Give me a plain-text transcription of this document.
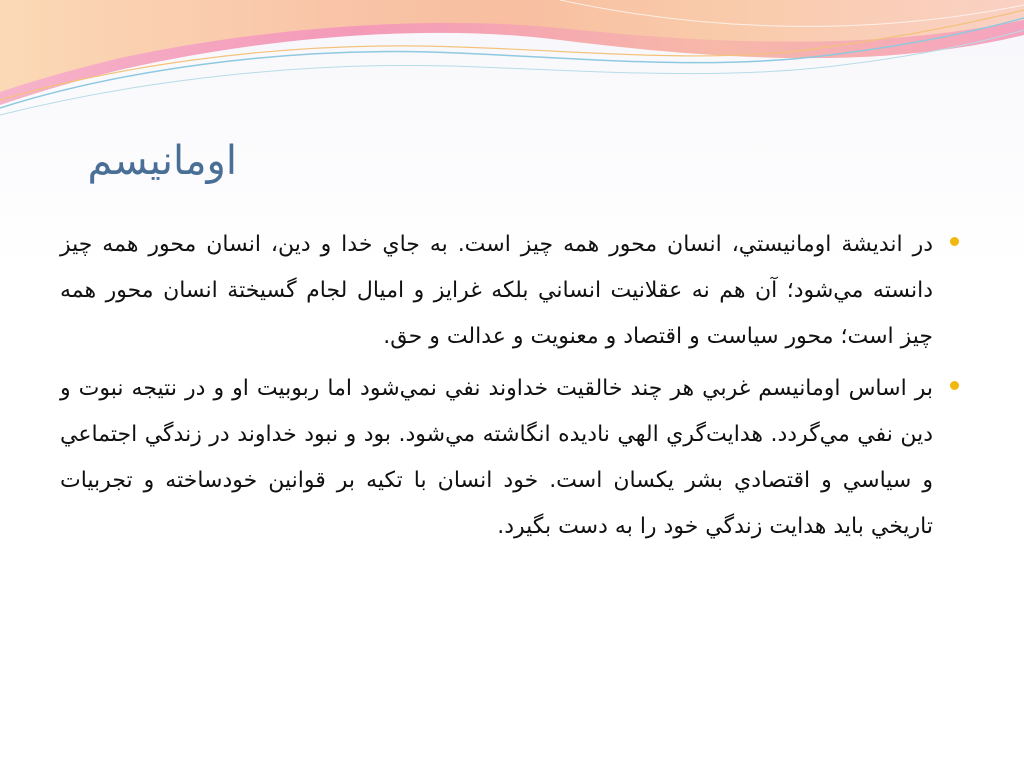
اومانيسم
در انديشة اومانيستي، انسان محور همه چيز است. به جاي خدا و دين، انسان محور همه چيز دانسته مي‌شود؛ آن هم نه عقلانيت انساني بلكه غرايز و اميال لجام گسيختة انسان محور همه چيز است؛ محور سياست و اقتصاد و معنويت و عدالت و حق.
بر اساس اومانيسم غربي هر چند خالقيت خداوند نفي نمي‌شود اما ربوبيت او و در نتيجه نبوت و دين نفي مي‌گردد. هدايت‌گري الهي ناديده انگاشته مي‌شود. بود و نبود خداوند در زندگي اجتماعي و سياسي و اقتصادي بشر يكسان است. خود انسان با تكيه بر قوانين خودساخته و تجربيات تاريخي بايد هدايت زندگي خود را به دست بگيرد.
